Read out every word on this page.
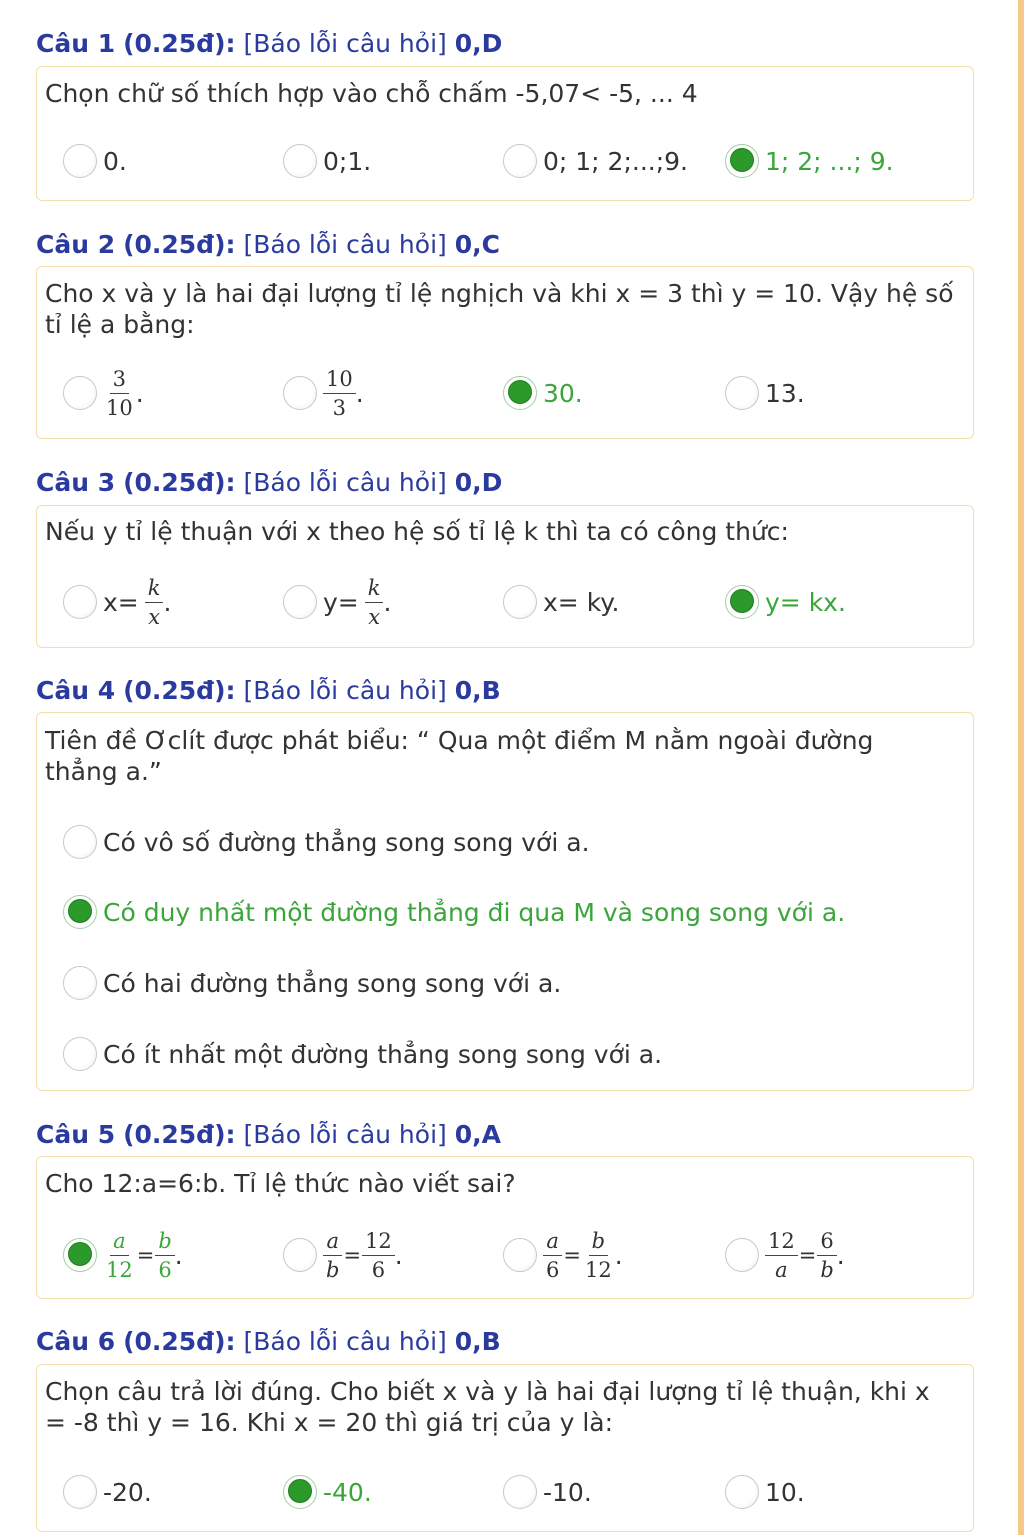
Câu 1 (0.25đ): [Báo lỗi câu hỏi] 0,D
Chọn chữ số thích hợp vào chỗ chấm -5,07< -5, ... 4
0.	0;1.	0; 1; 2;...;9.	1; 2; ...; 9.
Câu 2 (0.25đ): [Báo lỗi câu hỏi] 0,C
Cho x và y là hai đại lượng tỉ lệ nghịch và khi x = 3 thì y = 10. Vậy hệ số
tỉ lệ a bằng:
$\frac{3}{10}$ .	$\frac{10}{3}$ .	30.	13.
Câu 3 (0.25đ): [Báo lỗi câu hỏi] 0,D
Nếu y tỉ lệ thuận với x theo hệ số tỉ lệ k thì ta có công thức:
$x= \frac{k}{x}$ .	$y= \frac{k}{x}$ .	x= ky.	y= kx.
Câu 4 (0.25đ): [Báo lỗi câu hỏi] 0,B
Tiên đề Ơclít được phát biểu: “ Qua một điểm M nằm ngoài đường
thẳng a.”
Có vô số đường thẳng song song với a.
Có duy nhất một đường thẳng đi qua M và song song với a.
Có hai đường thẳng song song với a.
Có ít nhất một đường thẳng song song với a.
Câu 5 (0.25đ): [Báo lỗi câu hỏi] 0,A
Cho 12:a=6:b. Tỉ lệ thức nào viết sai?
$\frac{a}{12} = \frac{b}{6}$ .	$\frac{a}{b} = \frac{12}{6}$ .	$\frac{a}{6} = \frac{b}{12}$ .	$\frac{12}{a} = \frac{6}{b}$ .
Câu 6 (0.25đ): [Báo lỗi câu hỏi] 0,B
Chọn câu trả lời đúng. Cho biết x và y là hai đại lượng tỉ lệ thuận, khi x
= -8 thì y = 16. Khi x = 20 thì giá trị của y là:
-20.	-40.	-10.	10.
